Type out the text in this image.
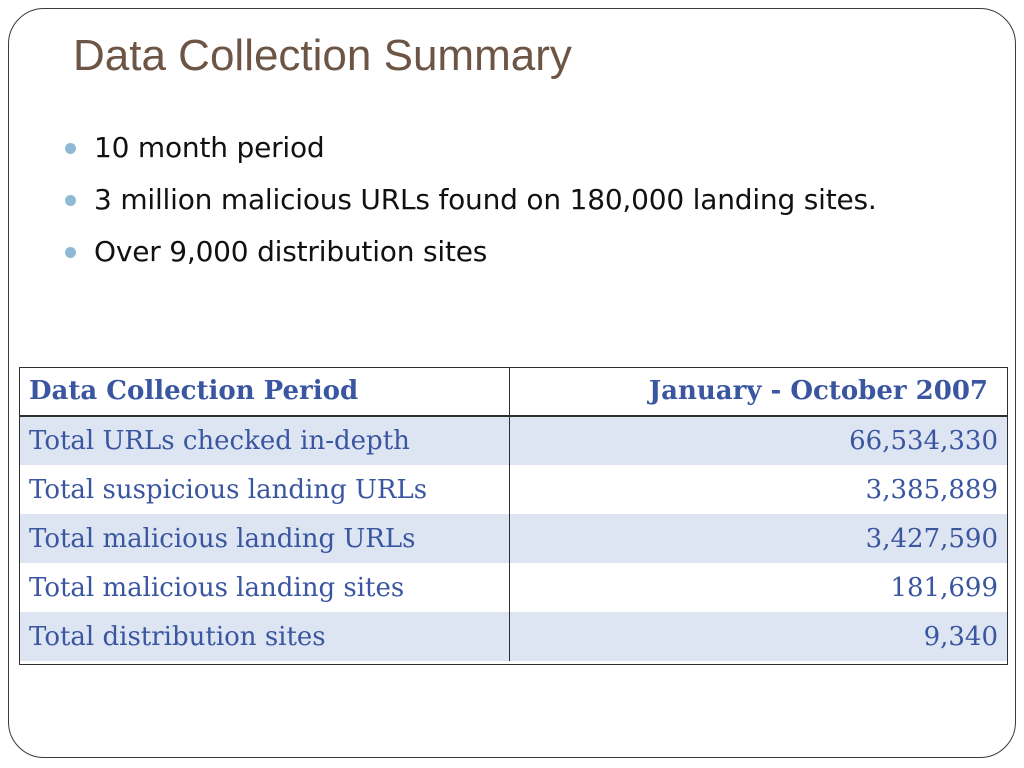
Data Collection Summary
10 month period
3 million malicious URLs found on 180,000 landing sites.
Over 9,000 distribution sites
Data Collection Period	January - October 2007
Total URLs checked in-depth	66,534,330
Total suspicious landing URLs	3,385,889
Total malicious landing URLs	3,427,590
Total malicious landing sites	181,699
Total distribution sites	9,340
